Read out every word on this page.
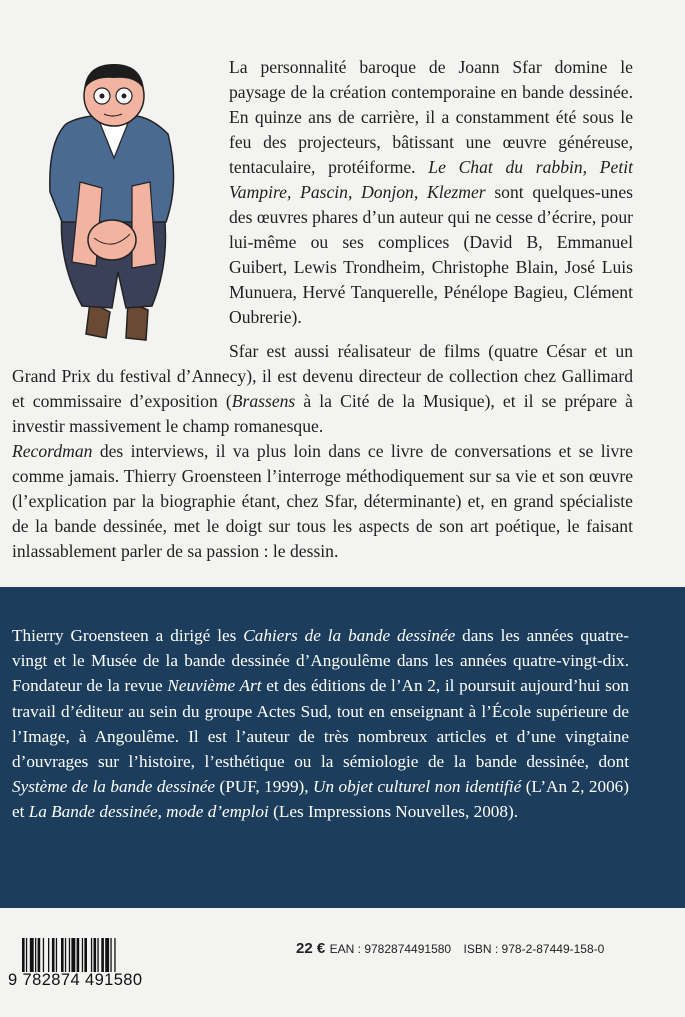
La personnalité baroque de Joann Sfar domine le paysage de la création contemporaine en bande dessinée. En quinze ans de carrière, il a constamment été sous le feu des projecteurs, bâtissant une œuvre généreuse, tentaculaire, protéiforme. Le Chat du rabbin, Petit Vampire, Pascin, Donjon, Klezmer sont quelques-unes des œuvres phares d’un auteur qui ne cesse d’écrire, pour lui-même ou ses complices (David B, Emmanuel Guibert, Lewis Trondheim, Christophe Blain, José Luis Munuera, Hervé Tanquerelle, Pénélope Bagieu, Clément Oubrerie).

Sfar est aussi réalisateur de films (quatre César et un Grand Prix du festival d’Annecy), il est devenu directeur de collection chez Gallimard et commissaire d’exposition (Brassens à la Cité de la Musique), et il se prépare à investir massivement le champ romanesque.

Recordman des interviews, il va plus loin dans ce livre de conversations et se livre comme jamais. Thierry Groensteen l’interroge méthodiquement sur sa vie et son œuvre (l’explication par la biographie étant, chez Sfar, déterminante) et, en grand spécialiste de la bande dessinée, met le doigt sur tous les aspects de son art poétique, le faisant inlassablement parler de sa passion : le dessin.

Thierry Groensteen a dirigé les Cahiers de la bande dessinée dans les années quatre-vingt et le Musée de la bande dessinée d’Angoulême dans les années quatre-vingt-dix. Fondateur de la revue Neuvième Art et des éditions de l’An 2, il poursuit aujourd’hui son travail d’éditeur au sein du groupe Actes Sud, tout en enseignant à l’École supérieure de l’Image, à Angoulême. Il est l’auteur de très nombreux articles et d’une vingtaine d’ouvrages sur l’histoire, l’esthétique ou la sémiologie de la bande dessinée, dont Système de la bande dessinée (PUF, 1999), Un objet culturel non identifié (L’An 2, 2006) et La Bande dessinée, mode d’emploi (Les Impressions Nouvelles, 2008).

9 782874 491580
22 € EAN : 9782874491580 ISBN : 978-2-87449-158-0
